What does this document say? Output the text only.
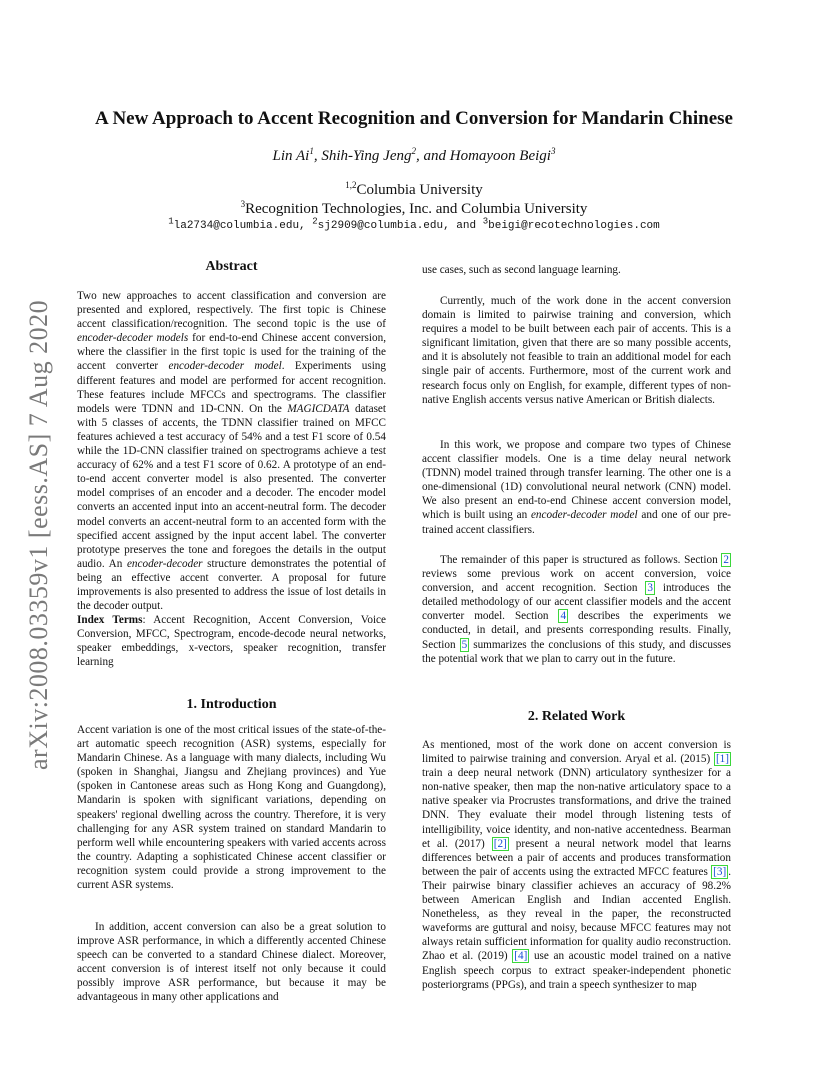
arXiv:2008.03359v1 [eess.AS] 7 Aug 2020
A New Approach to Accent Recognition and Conversion for Mandarin Chinese
Lin Ai$^1$, Shih-Ying Jeng$^2$, and Homayoon Beigi$^3$
$^{1,2}$Columbia University
$^3$Recognition Technologies, Inc. and Columbia University
$^1$la2734@columbia.edu, $^2$sj2909@columbia.edu, and $^3$beigi@recotechnologies.com
Abstract

Two new approaches to accent classification and conversion are presented and explored, respectively. The first topic is Chinese accent classification/recognition. The second topic is the use of encoder-decoder models for end-to-end Chinese accent conversion, where the classifier in the first topic is used for the training of the accent converter encoder-decoder model. Experiments using different features and model are performed for accent recognition. These features include MFCCs and spectrograms. The classifier models were TDNN and 1D-CNN. On the MAGICDATA dataset with 5 classes of accents, the TDNN classifier trained on MFCC features achieved a test accuracy of 54% and a test F1 score of 0.54 while the 1D-CNN classifier trained on spectrograms achieve a test accuracy of 62% and a test F1 score of 0.62. A prototype of an end-to-end accent converter model is also presented. The converter model comprises of an encoder and a decoder. The encoder model converts an accented input into an accent-neutral form. The decoder model converts an accent-neutral form to an accented form with the specified accent assigned by the input accent label. The converter prototype preserves the tone and foregoes the details in the output audio. An encoder-decoder structure demonstrates the potential of being an effective accent converter. A proposal for future improvements is also presented to address the issue of lost details in the decoder output.

Index Terms: Accent Recognition, Accent Conversion, Voice Conversion, MFCC, Spectrogram, encode-decode neural networks, speaker embeddings, x-vectors, speaker recognition, transfer learning

1. Introduction

Accent variation is one of the most critical issues of the state-of-the-art automatic speech recognition (ASR) systems, especially for Mandarin Chinese. As a language with many dialects, including Wu (spoken in Shanghai, Jiangsu and Zhejiang provinces) and Yue (spoken in Cantonese areas such as Hong Kong and Guangdong), Mandarin is spoken with significant variations, depending on speakers' regional dwelling across the country. Therefore, it is very challenging for any ASR system trained on standard Mandarin to perform well while encountering speakers with varied accents across the country. Adapting a sophisticated Chinese accent classifier or recognition system could provide a strong improvement to the current ASR systems.

In addition, accent conversion can also be a great solution to improve ASR performance, in which a differently accented Chinese speech can be converted to a standard Chinese dialect. Moreover, accent conversion is of interest itself not only because it could possibly improve ASR performance, but because it may be advantageous in many other applications and

use cases, such as second language learning.

Currently, much of the work done in the accent conversion domain is limited to pairwise training and conversion, which requires a model to be built between each pair of accents. This is a significant limitation, given that there are so many possible accents, and it is absolutely not feasible to train an additional model for each single pair of accents. Furthermore, most of the current work and research focus only on English, for example, different types of non-native English accents versus native American or British dialects.

In this work, we propose and compare two types of Chinese accent classifier models. One is a time delay neural network (TDNN) model trained through transfer learning. The other one is a one-dimensional (1D) convolutional neural network (CNN) model. We also present an end-to-end Chinese accent conversion model, which is built using an encoder-decoder model and one of our pre-trained accent classifiers.

The remainder of this paper is structured as follows. Section 2 reviews some previous work on accent conversion, voice conversion, and accent recognition. Section 3 introduces the detailed methodology of our accent classifier models and the accent converter model. Section 4 describes the experiments we conducted, in detail, and presents corresponding results. Finally, Section 5 summarizes the conclusions of this study, and discusses the potential work that we plan to carry out in the future.

2. Related Work

As mentioned, most of the work done on accent conversion is limited to pairwise training and conversion. Aryal et al. (2015) [1] train a deep neural network (DNN) articulatory synthesizer for a non-native speaker, then map the non-native articulatory space to a native speaker via Procrustes transformations, and drive the trained DNN. They evaluate their model through listening tests of intelligibility, voice identity, and non-native accentedness. Bearman et al. (2017) [2] present a neural network model that learns differences between a pair of accents and produces transformation between the pair of accents using the extracted MFCC features [3] . Their pairwise binary classifier achieves an accuracy of 98.2% between American English and Indian accented English. Nonetheless, as they reveal in the paper, the reconstructed waveforms are guttural and noisy, because MFCC features may not always retain sufficient information for quality audio reconstruction. Zhao et al. (2019) [4] use an acoustic model trained on a native English speech corpus to extract speaker-independent phonetic posteriorgrams (PPGs), and train a speech synthesizer to map
